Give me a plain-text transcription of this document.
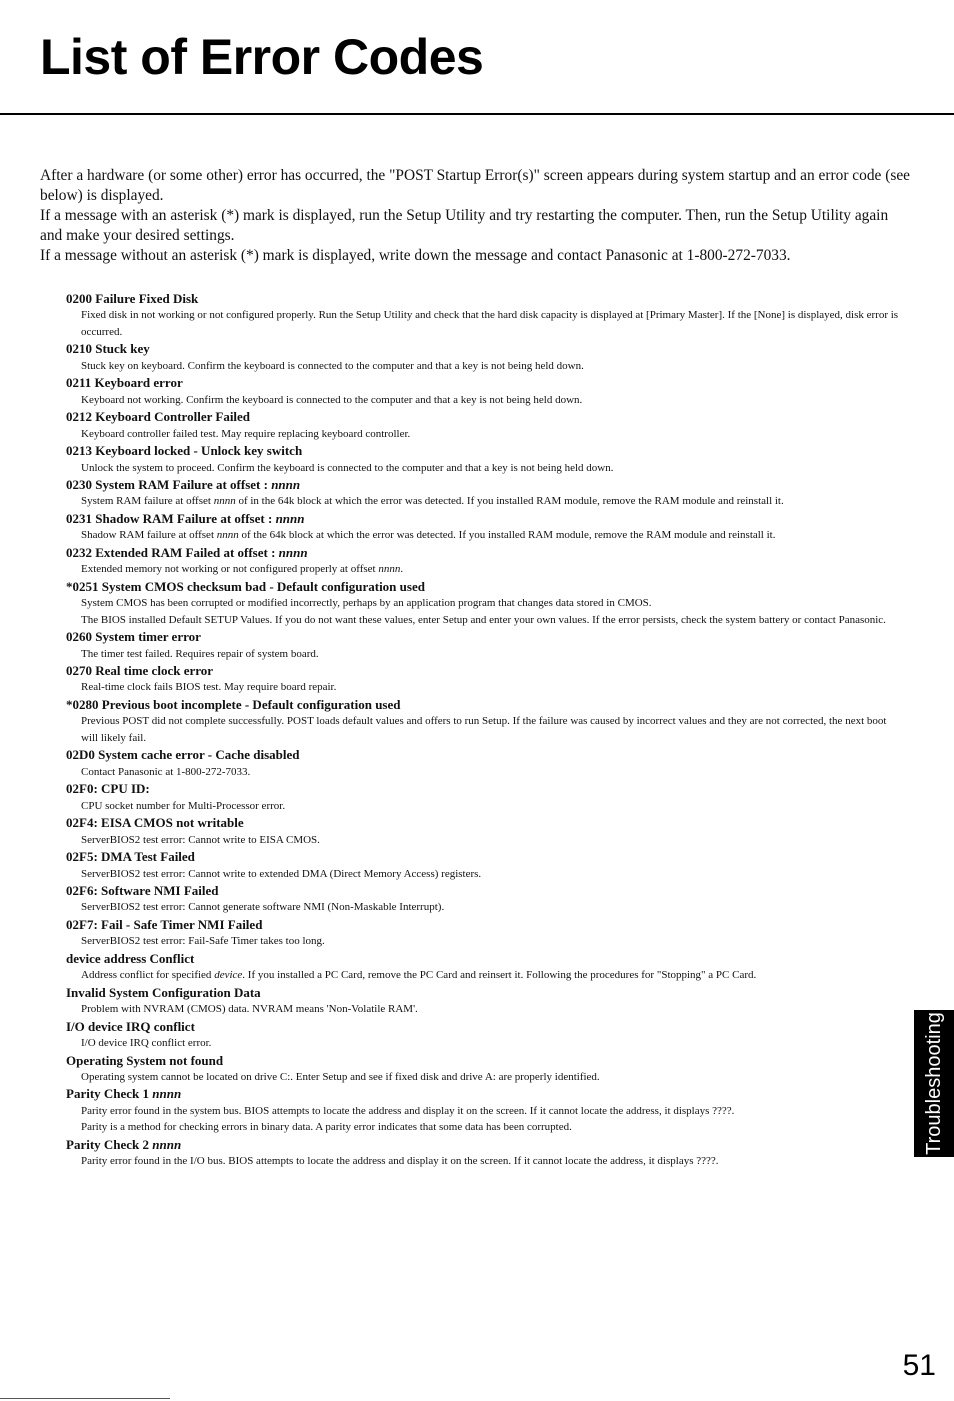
List of Error Codes

After a hardware (or some other) error has occurred, the "POST Startup Error(s)" screen appears during system startup and an error code (see below) is displayed.

If a message with an asterisk (*) mark is displayed, run the Setup Utility and try restarting the computer. Then, run the Setup Utility again and make your desired settings.

If a message without an asterisk (*) mark is displayed, write down the message and contact Panasonic at 1-800-272-7033.

0200 Failure Fixed Disk

Fixed disk in not working or not configured properly. Run the Setup Utility and check that the hard disk capacity is displayed at [Primary Master]. If the [None] is displayed, disk error is occurred.

0210 Stuck key

Stuck key on keyboard. Confirm the keyboard is connected to the computer and that a key is not being held down.

0211 Keyboard error

Keyboard not working. Confirm the keyboard is connected to the computer and that a key is not being held down.

0212 Keyboard Controller Failed

Keyboard controller failed test. May require replacing keyboard controller.

0213 Keyboard locked - Unlock key switch

Unlock the system to proceed. Confirm the keyboard is connected to the computer and that a key is not being held down.

0230 System RAM Failure at offset : nnnn

System RAM failure at offset nnnn of in the 64k block at which the error was detected. If you installed RAM module, remove the RAM module and reinstall it.

0231 Shadow RAM Failure at offset : nnnn

Shadow RAM failure at offset nnnn of the 64k block at which the error was detected. If you installed RAM module, remove the RAM module and reinstall it.

0232 Extended RAM Failed at offset : nnnn

Extended memory not working or not configured properly at offset nnnn.

*0251 System CMOS checksum bad - Default configuration used

System CMOS has been corrupted or modified incorrectly, perhaps by an application program that changes data stored in CMOS.

The BIOS installed Default SETUP Values. If you do not want these values, enter Setup and enter your own values. If the error persists, check the system battery or contact Panasonic.

0260 System timer error

The timer test failed. Requires repair of system board.

0270 Real time clock error

Real-time clock fails BIOS test. May require board repair.

*0280 Previous boot incomplete - Default configuration used

Previous POST did not complete successfully. POST loads default values and offers to run Setup. If the failure was caused by incorrect values and they are not corrected, the next boot will likely fail.

02D0 System cache error - Cache disabled

Contact Panasonic at 1-800-272-7033.

02F0: CPU ID:

CPU socket number for Multi-Processor error.

02F4: EISA CMOS not writable

ServerBIOS2 test error: Cannot write to EISA CMOS.

02F5: DMA Test Failed

ServerBIOS2 test error: Cannot write to extended DMA (Direct Memory Access) registers.

02F6: Software NMI Failed

ServerBIOS2 test error: Cannot generate software NMI (Non-Maskable Interrupt).

02F7: Fail - Safe Timer NMI Failed

ServerBIOS2 test error: Fail-Safe Timer takes too long.

device address Conflict

Address conflict for specified device. If you installed a PC Card, remove the PC Card and reinsert it. Following the procedures for "Stopping" a PC Card.

Invalid System Configuration Data

Problem with NVRAM (CMOS) data. NVRAM means 'Non-Volatile RAM'.

I/O device IRQ conflict

I/O device IRQ conflict error.

Operating System not found

Operating system cannot be located on drive C:. Enter Setup and see if fixed disk and drive A: are properly identified.

Parity Check 1 nnnn

Parity error found in the system bus. BIOS attempts to locate the address and display it on the screen. If it cannot locate the address, it displays ????.

Parity is a method for checking errors in binary data. A parity error indicates that some data has been corrupted.

Parity Check 2 nnnn

Parity error found in the I/O bus. BIOS attempts to locate the address and display it on the screen. If it cannot locate the address, it displays ????.

Troubleshooting
51
